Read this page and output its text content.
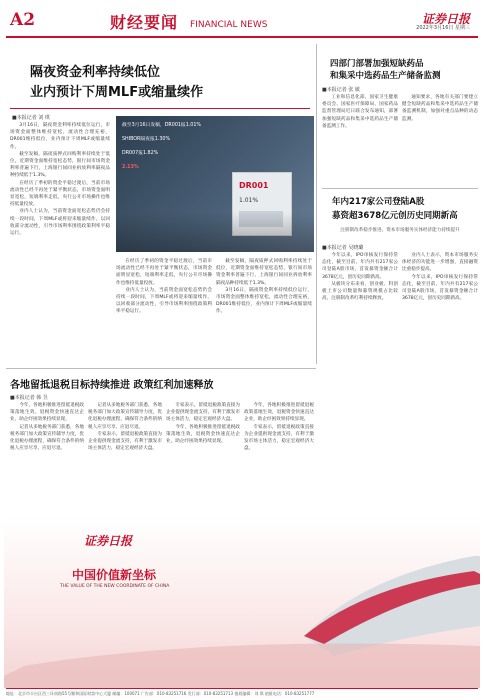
A2	财经要闻 FINANCIAL NEWS	证券日报
2022年3月16日 星期三
隔夜资金利率持续低位
业内预计下周MLF或缩量续作
■本报记者 刘 琪

3月16日，隔夜资金利率持续低位运行，市场资金面整体维持宽松，流动性合理充裕，DR001维持低位，业内预计下周MLF或缩量续作。

截至发稿，隔夜质押式回购利率持续处于低位，近期资金面维持宽松态势，银行间市场资金利率普遍下行，上海银行间同业拆放利率隔夜品种持续低于1.3%。

在经历了季初的资金平稳过渡后，当前市场流动性已经不再处于紧平衡状态，市场资金面明显宽松，短端利率走低，央行公开市场操作也维持低量投放。

业内人士认为，当前资金面宽松态势仍会持续一段时间，下周MLF或将迎来缩量续作，以回收部分流动性，引导市场利率围绕政策利率平稳运行。

截至3月16日发稿，DR001报1.01%
SHIBOR隔夜报1.30%
DR007报1.82%
2.13%
DR001
1.01%

在经历了季初的资金平稳过渡后，当前市场流动性已经不再处于紧平衡状态，市场资金面明显宽松，短端利率走低，央行公开市场操作也维持低量投放。

业内人士认为，当前资金面宽松态势仍会持续一段时间，下周MLF或将迎来缩量续作，以回收部分流动性，引导市场利率围绕政策利率平稳运行。

截至发稿，隔夜质押式回购利率持续处于低位，近期资金面维持宽松态势，银行间市场资金利率普遍下行，上海银行间同业拆放利率隔夜品种持续低于1.3%。

3月16日，隔夜资金利率持续低位运行，市场资金面整体维持宽松，流动性合理充裕，DR001维持低位，业内预计下周MLF或缩量续作。

四部门部署加强短缺药品
和集采中选药品生产储备监测
■本报记者 张 敏

工业和信息化部、国家卫生健康委员会、国家医疗保障局、国家药品监督管理局近日联合发布通知，部署加强短缺药品和集采中选药品生产储备监测工作。

通知要求，各地有关部门要建立健全短缺药品和集采中选药品生产储备监测机制，加强对重点品种的动态监测。

年内217家公司登陆A股
募资超3678亿元创历史同期新高
注册制改革稳步推进，资本市场服务实体经济能力持续提升
■本报记者 吴晓璐

今年以来，IPO审核发行保持常态化，截至目前，年内共有217家公司登陆A股市场，首发募资金额合计3678亿元，创历史同期新高。

从板块分布来看，创业板、科创板上市公司数量和募资规模占比较高，注册制改革红利持续释放。

业内人士表示，资本市场服务实体经济的功能进一步增强，直接融资比重稳步提高。

今年以来，IPO审核发行保持常态化，截至目前，年内共有217家公司登陆A股市场，首发募资金额合计3678亿元，创历史同期新高。

各地留抵退税目标持续推进 政策红利加速释放
■本报记者 韩 昱

今年，各地积极推进留抵退税政策落地生效，退税资金快速直达企业，助企纾困效果持续显现。

记者从多地税务部门获悉，各地税务部门加大政策宣传辅导力度，优化退税办理流程，确保符合条件的纳税人应享尽享、应退尽退。

记者从多地税务部门获悉，各地税务部门加大政策宣传辅导力度，优化退税办理流程，确保符合条件的纳税人应享尽享、应退尽退。

专家表示，留抵退税政策直接为企业提供现金流支持，有利于激发市场主体活力，稳定宏观经济大盘。

专家表示，留抵退税政策直接为企业提供现金流支持，有利于激发市场主体活力，稳定宏观经济大盘。

今年，各地积极推进留抵退税政策落地生效，退税资金快速直达企业，助企纾困效果持续显现。

今年，各地积极推进留抵退税政策落地生效，退税资金快速直达企业，助企纾困效果持续显现。

专家表示，留抵退税政策直接为企业提供现金流支持，有利于激发市场主体活力，稳定宏观经济大盘。

证券日报
中国价值新坐标
THE VALUE OF THE NEW COORDINATE OF CHINA
地址：北京市丰台区西三环南路55号顺和国际财富中心大厦 邮编：100071 广告部：010-83251716 发行部：010-83251713 值班编辑：刘 琪 值班电话：010-83251777
